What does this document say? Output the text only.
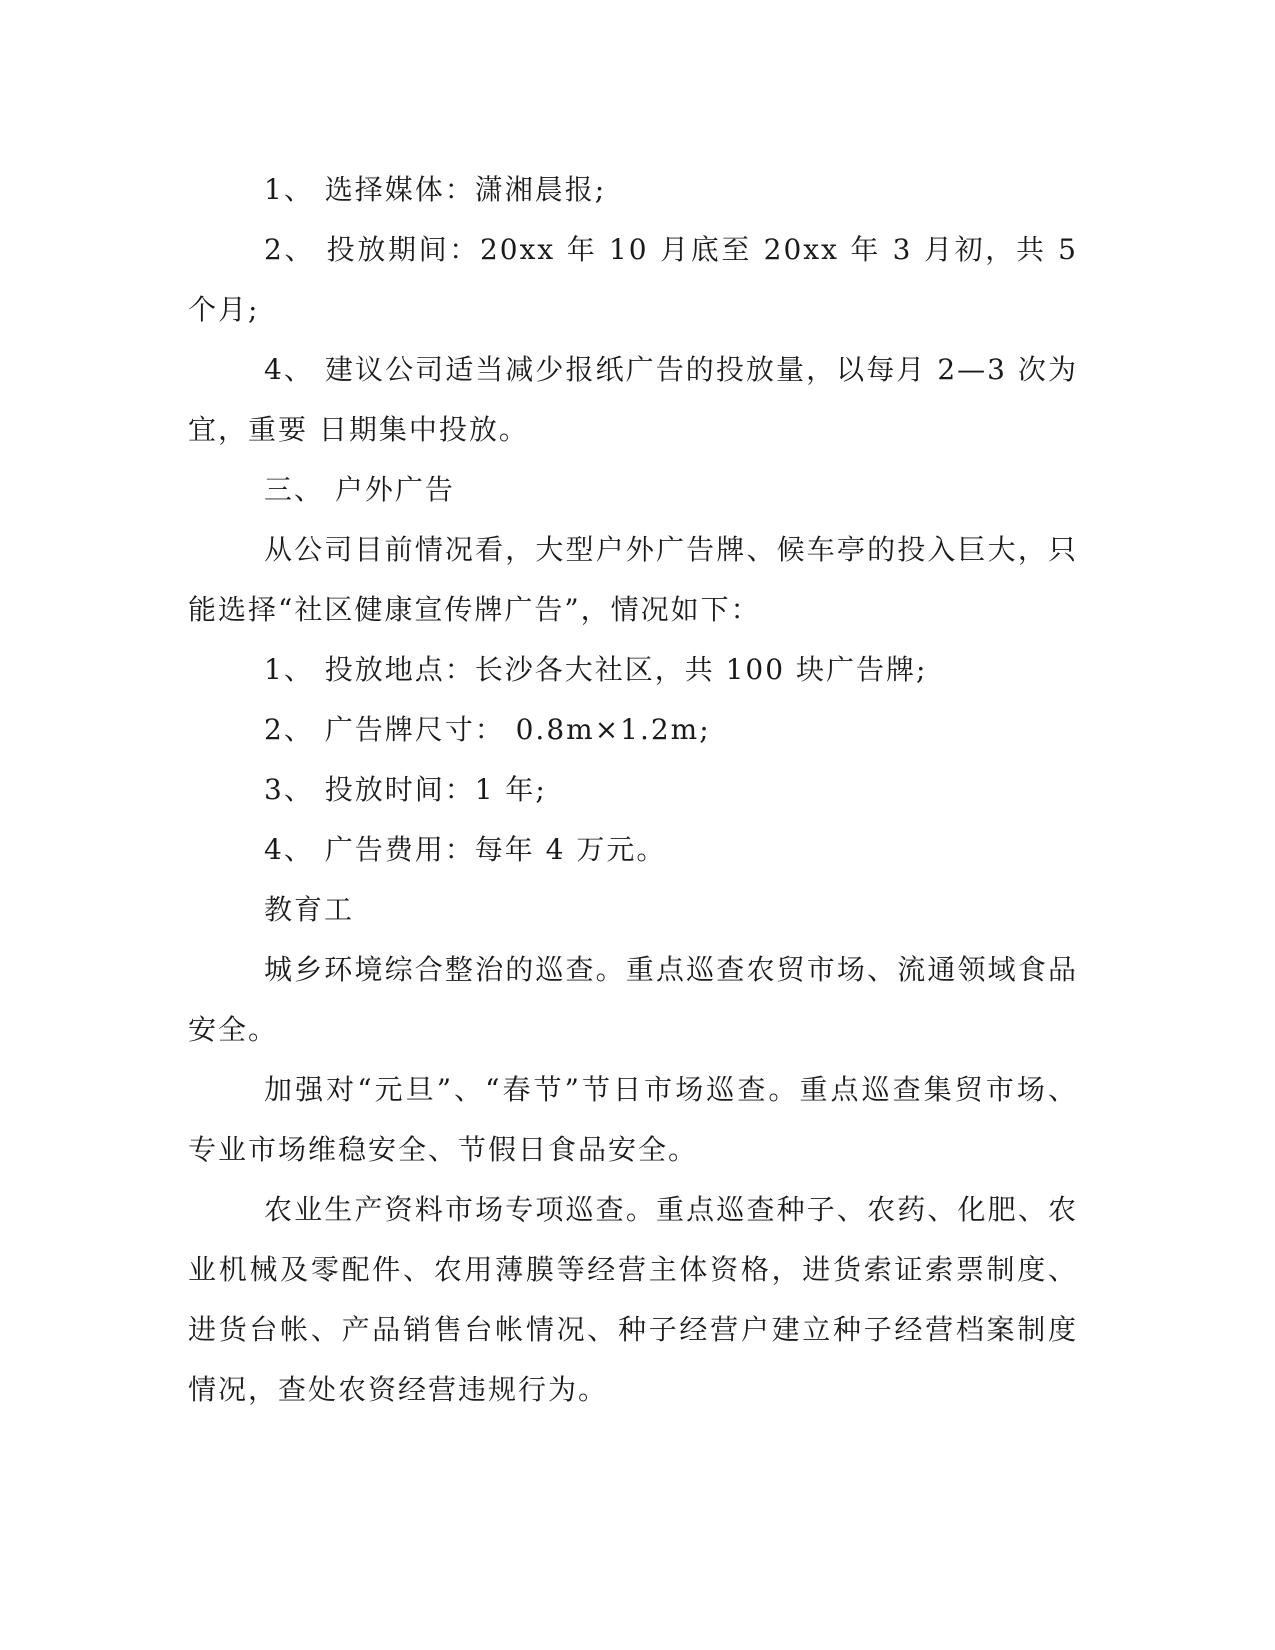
1、 选择媒体：潇湘晨报;

2、 投放期间：20xx 年 10 月底至 20xx 年 3 月初，共 5 个月;

4、 建议公司适当减少报纸广告的投放量，以每月 2—3 次为宜，重要 日期集中投放。

三、 户外广告

从公司目前情况看，大型户外广告牌、候车亭的投入巨大，只能选择“社区健康宣传牌广告”，情况如下：

1、 投放地点：长沙各大社区，共 100 块广告牌;

2、 广告牌尺寸： 0.8m×1.2m;

3、 投放时间：1 年;

4、 广告费用：每年 4 万元。

教育工

城乡环境综合整治的巡查。重点巡查农贸市场、流通领域食品安全。

加强对“元旦”、“春节”节日市场巡查。重点巡查集贸市场、专业市场维稳安全、节假日食品安全。

农业生产资料市场专项巡查。重点巡查种子、农药、化肥、农业机械及零配件、农用薄膜等经营主体资格，进货索证索票制度、进货台帐、产品销售台帐情况、种子经营户建立种子经营档案制度情况，查处农资经营违规行为。
